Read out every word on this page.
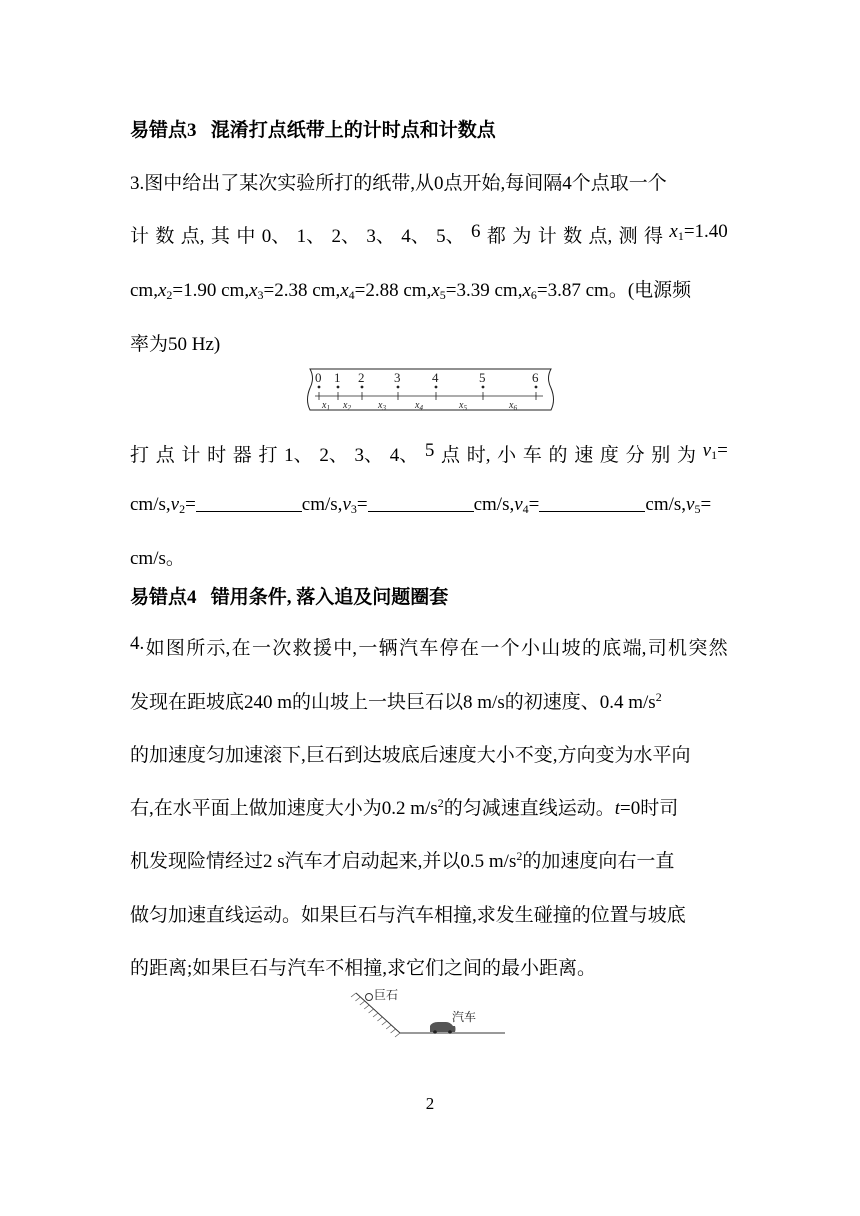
易错点3 混淆打点纸带上的计时点和计数点
3.图中给出了某次实验所打的纸带,从0点开始,每间隔4个点取一个
计 数 点, 其 中 0、 1、 2、 3、 4、 5、 6 都 为 计 数 点, 测 得 $x_1=1.40$
$cm,x_2=1.90$ $cm,x_3=2.38$ $cm,x_4=2.88$ $cm,x_5=3.39$ $cm,x_6=3.87$ cm。(电源频
率为50 Hz)
0 1 2 3 4	5	6
$x_1$ $x_2$	$x_3$	$x_4$	$x_5$	$x_6$
打 点 计 时 器 打 1、 2、 3、 4、 5 点 时, 小 车 的 速 度 分 别 为 $v_1=$
$cm/s,v_2=$	$cm/s,v_3=$	$cm/s,v_4=$	$cm/s,v_5=$
cm/s。
易错点4 错用条件, 落入追及问题圈套
4. 如 图 所 示, 在 一 次 救 援 中, 一 辆 汽 车 停 在 一 个 小 山 坡 的 底 端, 司 机 突 然
发现在距坡底240 m的山坡上一块巨石以8 m/s的初速度、0.4 $m/s^2$
的加速度匀加速滚下,巨石到达坡底后速度大小不变,方向变为水平向
右,在水平面上做加速度大小为0.2 $m/s^2$的匀减速直线运动。t=0时司
机发现险情经过2 s汽车才启动起来,并以0.5 $m/s^2$的加速度向右一直
做匀加速直线运动。如果巨石与汽车相撞,求发生碰撞的位置与坡底
的距离;如果巨石与汽车不相撞,求它们之间的最小距离。
巨石
汽车
2
